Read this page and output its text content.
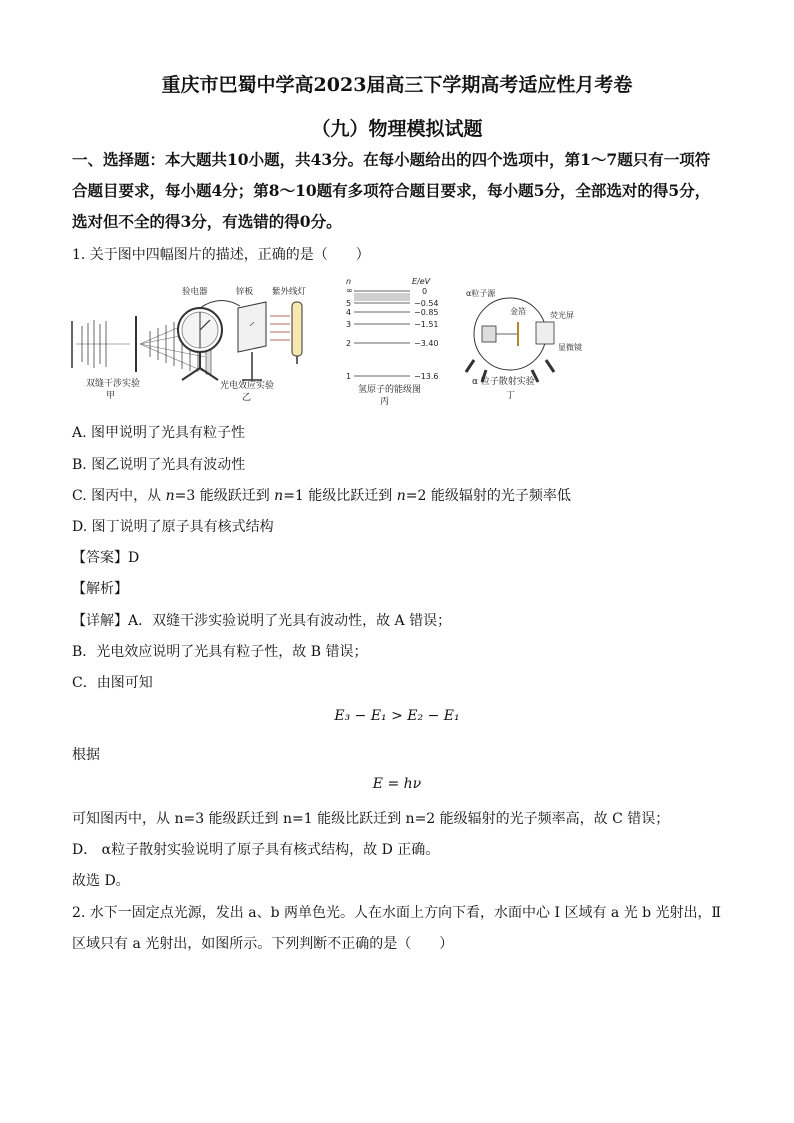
重庆市巴蜀中学高2023届高三下学期高考适应性月考卷
（九）物理模拟试题
一、选择题：本大题共10小题，共43分。在每小题给出的四个选项中，第1～7题只有一项符合题目要求，每小题4分；第8～10题有多项符合题目要求，每小题5分，全部选对的得5分，选对但不全的得3分，有选错的得0分。
1. 关于图中四幅图片的描述，正确的是（　　）
双缝干涉实验
甲
验电器	锌板 紫外线灯
光电效应实验
乙
n	E/eV
∞	0
5	−0.54
4	−0.85
3	−1.51
2	−3.40
1	−13.6
氢原子的能级图
丙
α粒子源
金箔	荧光屏
显微镜
α 粒子散射实验
丁
A. 图甲说明了光具有粒子性
B. 图乙说明了光具有波动性
C. 图丙中，从 n=3 能级跃迁到 n=1 能级比跃迁到 n=2 能级辐射的光子频率低
D. 图丁说明了原子具有核式结构
【答案】D
【解析】
【详解】A．双缝干涉实验说明了光具有波动性，故 A 错误；
B．光电效应说明了光具有粒子性，故 B 错误；
C．由图可知
E₃ − E₁ > E₂ − E₁
根据
E = hν
可知图丙中，从 n=3 能级跃迁到 n=1 能级比跃迁到 n=2 能级辐射的光子频率高，故 C 错误；
D． α粒子散射实验说明了原子具有核式结构，故 D 正确。
故选 D。
2. 水下一固定点光源，发出 a、b 两单色光。人在水面上方向下看，水面中心 I 区域有 a 光 b 光射出，Ⅱ
区域只有 a 光射出，如图所示。下列判断不正确的是（　　）
